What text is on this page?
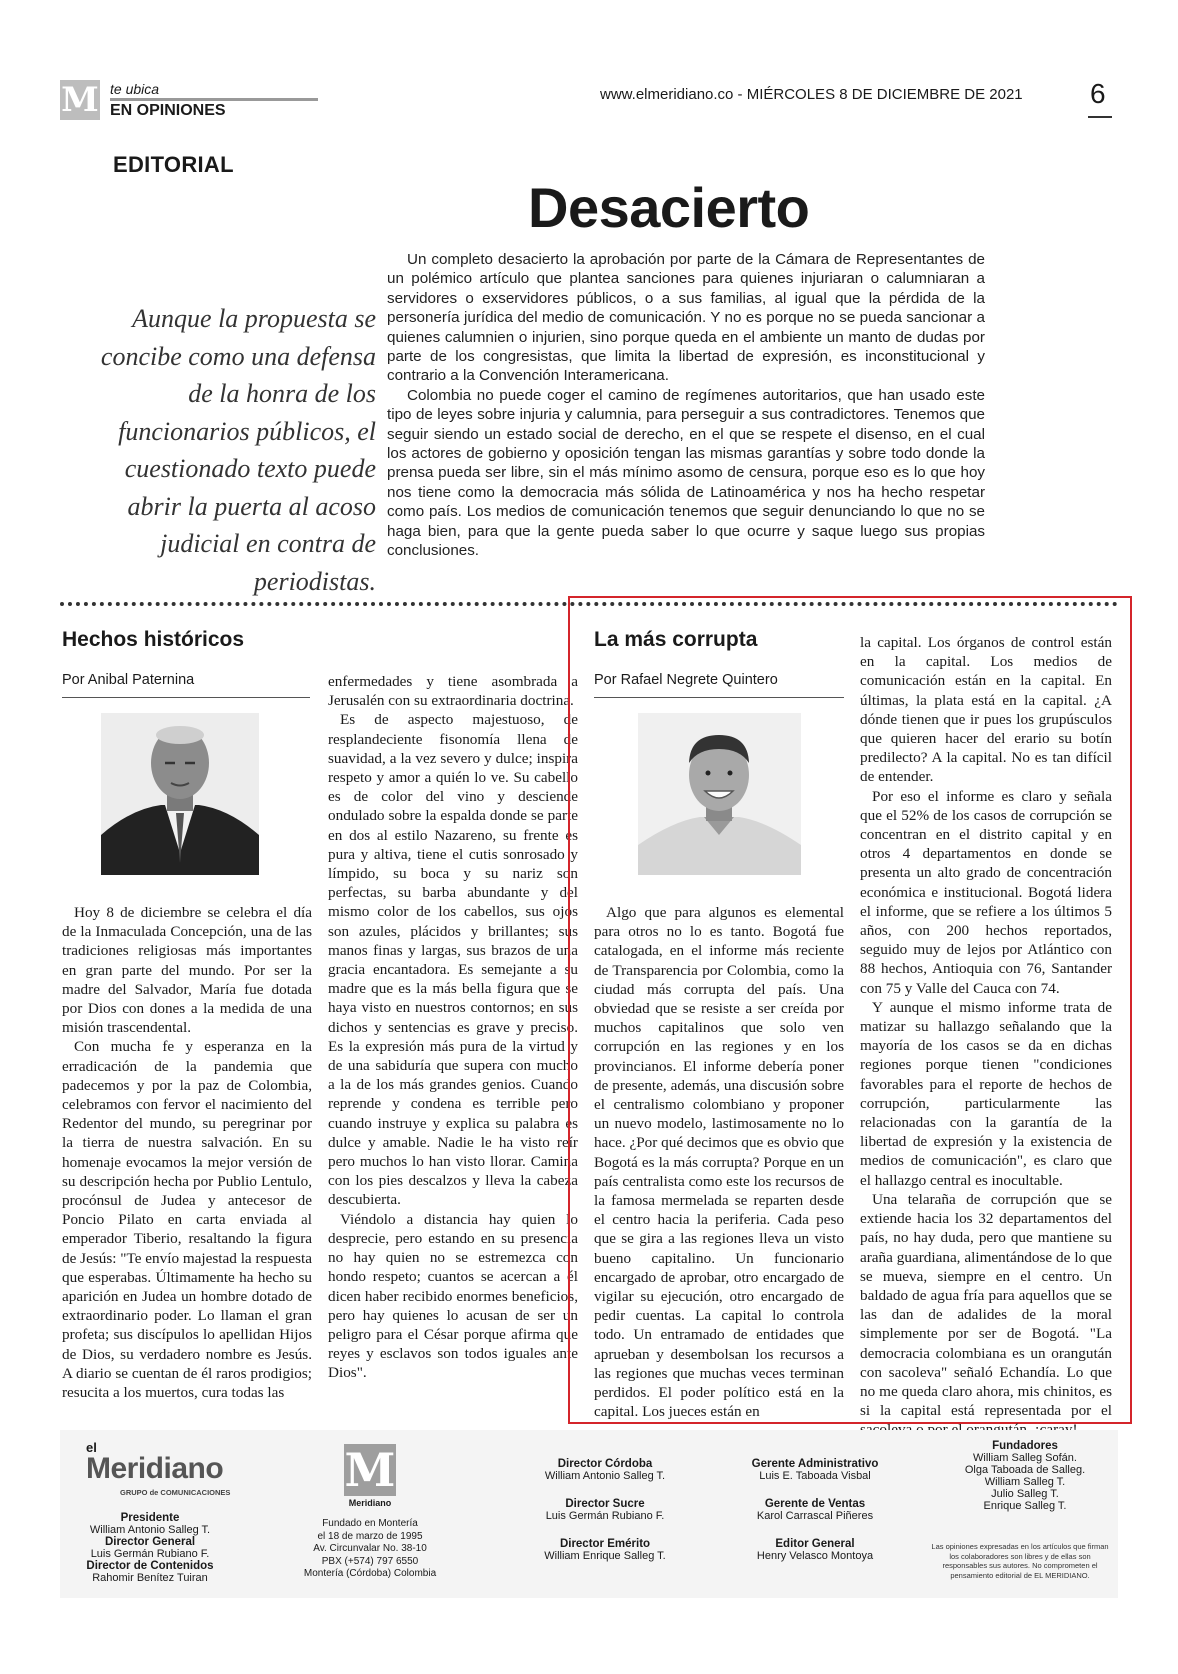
M te ubica
EN OPINIONES
www.elmeridiano.co - MIÉRCOLES 8 DE DICIEMBRE DE 2021 6
EDITORIAL
Desacierto
Aunque la propuesta se concibe como una defensa de la honra de los funcionarios públicos, el cuestionado texto puede abrir la puerta al acoso judicial en contra de periodistas.

Un completo desacierto la aprobación por parte de la Cámara de Representantes de un polémico artículo que plantea sanciones para quienes injuriaran o calumniaran a servidores o exservidores públicos, o a sus familias, al igual que la pérdida de la personería jurídica del medio de comunicación. Y no es porque no se pueda sancionar a quienes calumnien o injurien, sino porque queda en el ambiente un manto de dudas por parte de los congresistas, que limita la libertad de expresión, es inconstitucional y contrario a la Convención Interamericana.

Colombia no puede coger el camino de regímenes autoritarios, que han usado este tipo de leyes sobre injuria y calumnia, para perseguir a sus contradictores. Tenemos que seguir siendo un estado social de derecho, en el que se respete el disenso, en el cual los actores de gobierno y oposición tengan las mismas garantías y sobre todo donde la prensa pueda ser libre, sin el más mínimo asomo de censura, porque eso es lo que hoy nos tiene como la democracia más sólida de Latinoamérica y nos ha hecho respetar como país. Los medios de comunicación tenemos que seguir denunciando lo que no se haga bien, para que la gente pueda saber lo que ocurre y saque luego sus propias conclusiones.

Hechos históricos
Por Anibal Paternina

Hoy 8 de diciembre se celebra el día de la Inmaculada Concepción, una de las tradiciones religiosas más importantes en gran parte del mundo. Por ser la madre del Salvador, María fue dotada por Dios con dones a la medida de una misión trascendental.

Con mucha fe y esperanza en la erradicación de la pandemia que padecemos y por la paz de Colombia, celebramos con fervor el nacimiento del Redentor del mundo, su peregrinar por la tierra de nuestra salvación. En su homenaje evocamos la mejor versión de su descripción hecha por Publio Lentulo, procónsul de Judea y antecesor de Poncio Pilato en carta enviada al emperador Tiberio, resaltando la figura de Jesús: "Te envío majestad la respuesta que esperabas. Últimamente ha hecho su aparición en Judea un hombre dotado de extraordinario poder. Lo llaman el gran profeta; sus discípulos lo apellidan Hijos de Dios, su verdadero nombre es Jesús. A diario se cuentan de él raros prodigios; resucita a los muertos, cura todas las

enfermedades y tiene asombrada a Jerusalén con su extraordinaria doctrina.

Es de aspecto majestuoso, de resplandeciente fisonomía llena de suavidad, a la vez severo y dulce; inspira respeto y amor a quién lo ve. Su cabello es de color del vino y desciende ondulado sobre la espalda donde se parte en dos al estilo Nazareno, su frente es pura y altiva, tiene el cutis sonrosado y límpido, su boca y su nariz son perfectas, su barba abundante y del mismo color de los cabellos, sus ojos son azules, plácidos y brillantes; sus manos finas y largas, sus brazos de una gracia encantadora. Es semejante a su madre que es la más bella figura que se haya visto en nuestros contornos; en sus dichos y sentencias es grave y preciso. Es la expresión más pura de la virtud y de una sabiduría que supera con mucho a la de los más grandes genios. Cuando reprende y condena es terrible pero cuando instruye y explica su palabra es dulce y amable. Nadie le ha visto reír pero muchos lo han visto llorar. Camina con los pies descalzos y lleva la cabeza descubierta.

Viéndolo a distancia hay quien lo desprecie, pero estando en su presencia no hay quien no se estremezca con hondo respeto; cuantos se acercan a él dicen haber recibido enormes beneficios, pero hay quienes lo acusan de ser un peligro para el César porque afirma que reyes y esclavos son todos iguales ante Dios".

La más corrupta
Por Rafael Negrete Quintero

Algo que para algunos es elemental para otros no lo es tanto. Bogotá fue catalogada, en el informe más reciente de Transparencia por Colombia, como la ciudad más corrupta del país. Una obviedad que se resiste a ser creída por muchos capitalinos que solo ven corrupción en las regiones y en los provincianos. El informe debería poner de presente, además, una discusión sobre el centralismo colombiano y proponer un nuevo modelo, lastimosamente no lo hace. ¿Por qué decimos que es obvio que Bogotá es la más corrupta? Porque en un país centralista como este los recursos de la famosa mermelada se reparten desde el centro hacia la periferia. Cada peso que se gira a las regiones lleva un visto bueno capitalino. Un funcionario encargado de aprobar, otro encargado de vigilar su ejecución, otro encargado de pedir cuentas. La capital lo controla todo. Un entramado de entidades que aprueban y desembolsan los recursos a las regiones que muchas veces terminan perdidos. El poder político está en la capital. Los jueces están en

la capital. Los órganos de control están en la capital. Los medios de comunicación están en la capital. En últimas, la plata está en la capital. ¿A dónde tienen que ir pues los grupúsculos que quieren hacer del erario su botín predilecto? A la capital. No es tan difícil de entender.

Por eso el informe es claro y señala que el 52% de los casos de corrupción se concentran en el distrito capital y en otros 4 departamentos en donde se presenta un alto grado de concentración económica e institucional. Bogotá lidera el informe, que se refiere a los últimos 5 años, con 200 hechos reportados, seguido muy de lejos por Atlántico con 88 hechos, Antioquia con 76, Santander con 75 y Valle del Cauca con 74.

Y aunque el mismo informe trata de matizar su hallazgo señalando que la mayoría de los casos se da en dichas regiones porque tienen "condiciones favorables para el reporte de hechos de corrupción, particularmente las relacionadas con la garantía de la libertad de expresión y la existencia de medios de comunicación", es claro que el hallazgo central es inocultable.

Una telaraña de corrupción que se extiende hacia los 32 departamentos del país, no hay duda, pero que mantiene su araña guardiana, alimentándose de lo que se mueva, siempre en el centro. Un baldado de agua fría para aquellos que se las dan de adalides de la moral simplemente por ser de Bogotá. "La democracia colombiana es un orangután con sacoleva" señaló Echandía. Lo que no me queda claro ahora, mis chinitos, es si la capital está representada por el

el
Meridiano
GRUPO de COMUNICACIONES
Presidente
William Antonio Salleg T.
Director General
Luis Germán Rubiano F.
Director de Contenidos
Rahomir Benítez Tuiran
M
Meridiano
Fundado en Montería
el 18 de marzo de 1995
Av. Circunvalar No. 38-10
PBX (+574) 797 6550
Montería (Córdoba) Colombia
Director Córdoba
William Antonio Salleg T.
Director Sucre
Luis Germán Rubiano F.
Director Emérito
William Enrique Salleg T.
Gerente Administrativo
Luis E. Taboada Visbal
Gerente de Ventas
Karol Carrascal Piñeres
Editor General
Henry Velasco Montoya
Fundadores
William Salleg Sofán.
Olga Taboada de Salleg.
William Salleg T.
Julio Salleg T.
Enrique Salleg T.
Las opiniones expresadas en los artículos que firman los colaboradores son libres y de ellas son responsables sus autores. No comprometen el pensamiento editorial de EL MERIDIANO.
